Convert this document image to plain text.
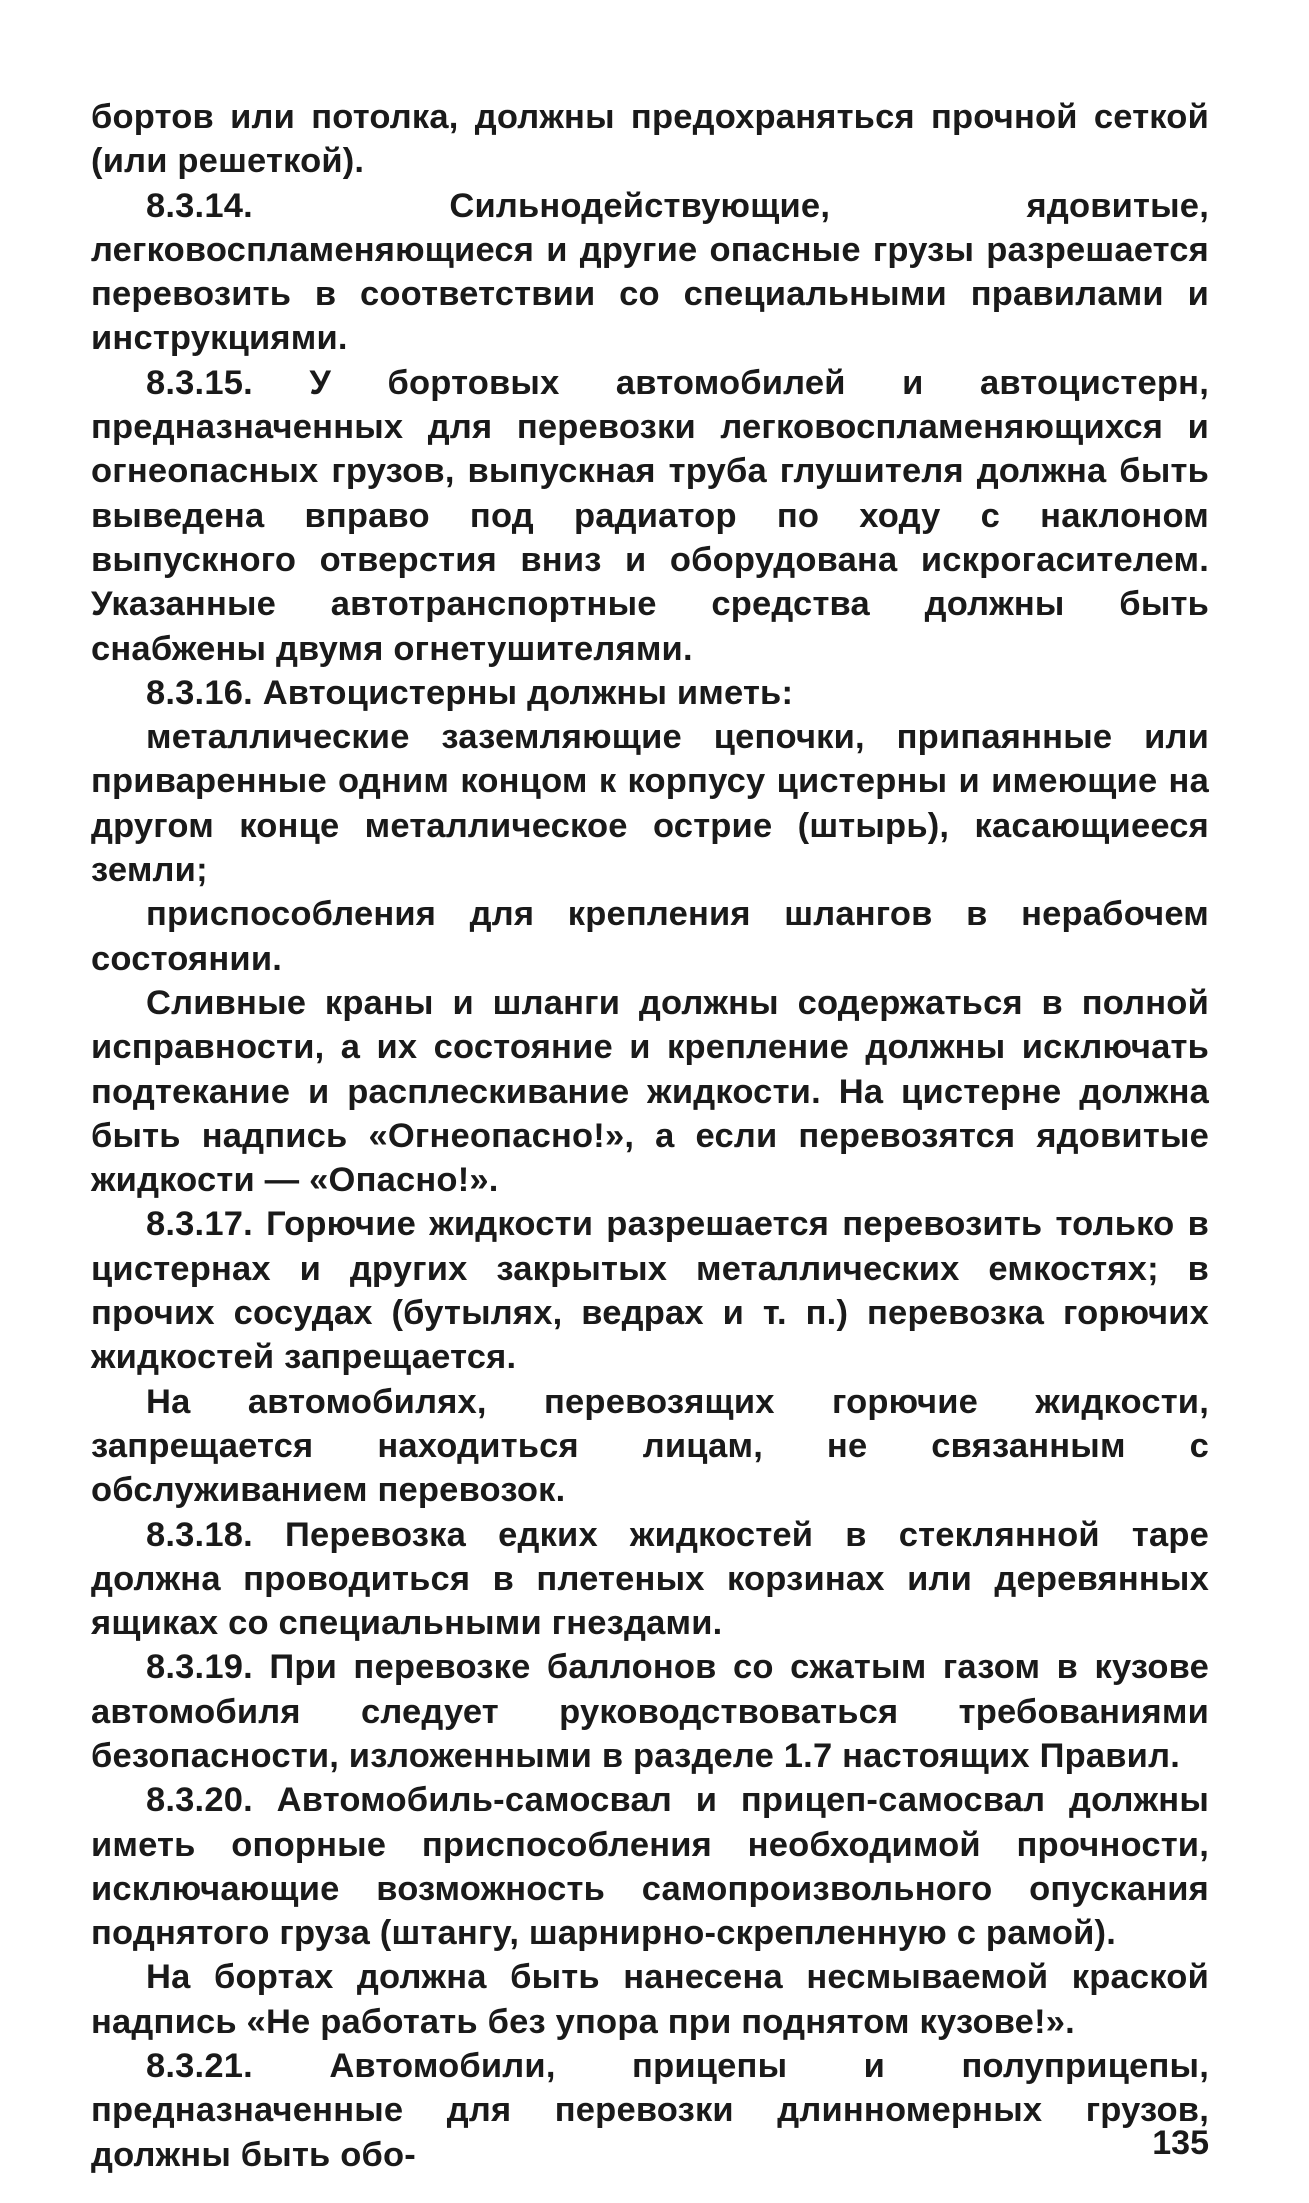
бортов или потолка, должны предохраняться прочной сеткой (или решеткой).

8.3.14. Сильнодействующие, ядовитые, легковоспламеняющиеся и другие опасные грузы разрешается перевозить в соответствии со специальными правилами и инструкциями.

8.3.15. У бортовых автомобилей и автоцистерн, предназначенных для перевозки легковоспламеняющихся и огнеопасных грузов, выпускная труба глушителя должна быть выведена вправо под радиатор по ходу с наклоном выпускного отверстия вниз и оборудована искрогасителем. Указанные автотранспортные средства должны быть снабжены двумя огнетушителями.

8.3.16. Автоцистерны должны иметь:

металлические заземляющие цепочки, припаянные или приваренные одним концом к корпусу цистерны и имеющие на другом конце металлическое острие (штырь), касающиееся земли;

приспособления для крепления шлангов в нерабочем состоянии.

Сливные краны и шланги должны содержаться в полной исправности, а их состояние и крепление должны исключать подтекание и расплескивание жидкости. На цистерне должна быть надпись «Огнеопасно!», а если перевозятся ядовитые жидкости — «Опасно!».

8.3.17. Горючие жидкости разрешается перевозить только в цистернах и других закрытых металлических емкостях; в прочих сосудах (бутылях, ведрах и т. п.) перевозка горючих жидкостей запрещается.

На автомобилях, перевозящих горючие жидкости, запрещается находиться лицам, не связанным с обслуживанием перевозок.

8.3.18. Перевозка едких жидкостей в стеклянной таре должна проводиться в плетеных корзинах или деревянных ящиках со специальными гнездами.

8.3.19. При перевозке баллонов со сжатым газом в кузове автомобиля следует руководствоваться требованиями безопасности, изложенными в разделе 1.7 настоящих Правил.

8.3.20. Автомобиль-самосвал и прицеп-самосвал должны иметь опорные приспособления необходимой прочности, исключающие возможность самопроизвольного опускания поднятого груза (штангу, шарнирно-скрепленную с рамой).

На бортах должна быть нанесена несмываемой краской надпись «Не работать без упора при поднятом кузове!».

8.3.21. Автомобили, прицепы и полуприцепы, предназначенные для перевозки длинномерных грузов, должны быть обо-	135
